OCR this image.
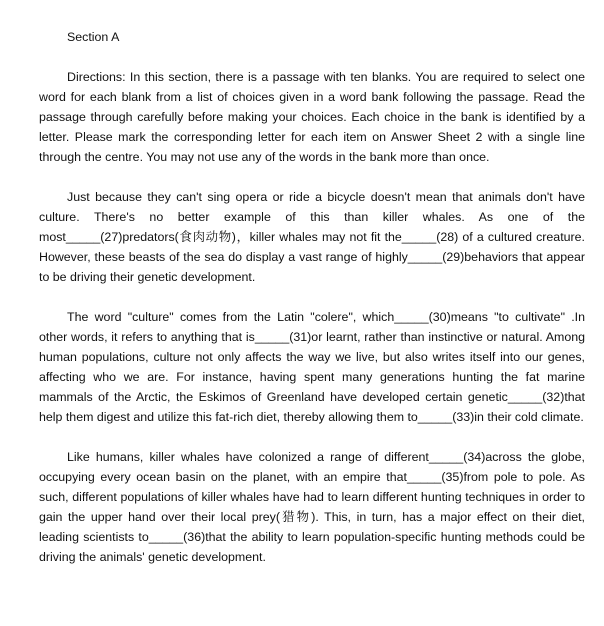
Section A

Directions: In this section, there is a passage with ten blanks. You are required to select one word for each blank from a list of choices given in a word bank following the passage. Read the passage through carefully before making your choices. Each choice in the bank is identified by a letter. Please mark the corresponding letter for each item on Answer Sheet 2 with a single line through the centre. You may not use any of the words in the bank more than once.

Just because they can't sing opera or ride a bicycle doesn't mean that animals don't have culture. There's no better example of this than killer whales. As one of the most_____(27)predators(食肉动物)，killer whales may not fit the_____(28) of a cultured creature. However, these beasts of the sea do display a vast range of highly_____(29)behaviors that appear to be driving their genetic development.

The word "culture" comes from the Latin "colere", which_____(30)means "to cultivate" .In other words, it refers to anything that is_____(31)or learnt, rather than instinctive or natural. Among human populations, culture not only affects the way we live, but also writes itself into our genes, affecting who we are. For instance, having spent many generations hunting the fat marine mammals of the Arctic, the Eskimos of Greenland have developed certain genetic_____(32)that help them digest and utilize this fat-rich diet, thereby allowing them to_____(33)in their cold climate.

Like humans, killer whales have colonized a range of different_____(34)across the globe, occupying every ocean basin on the planet, with an empire that_____(35)from pole to pole. As such, different populations of killer whales have had to learn different hunting techniques in order to gain the upper hand over their local prey(猎物). This, in turn, has a major effect on their diet, leading scientists to_____(36)that the ability to learn population-specific hunting methods could be driving the animals' genetic development.
